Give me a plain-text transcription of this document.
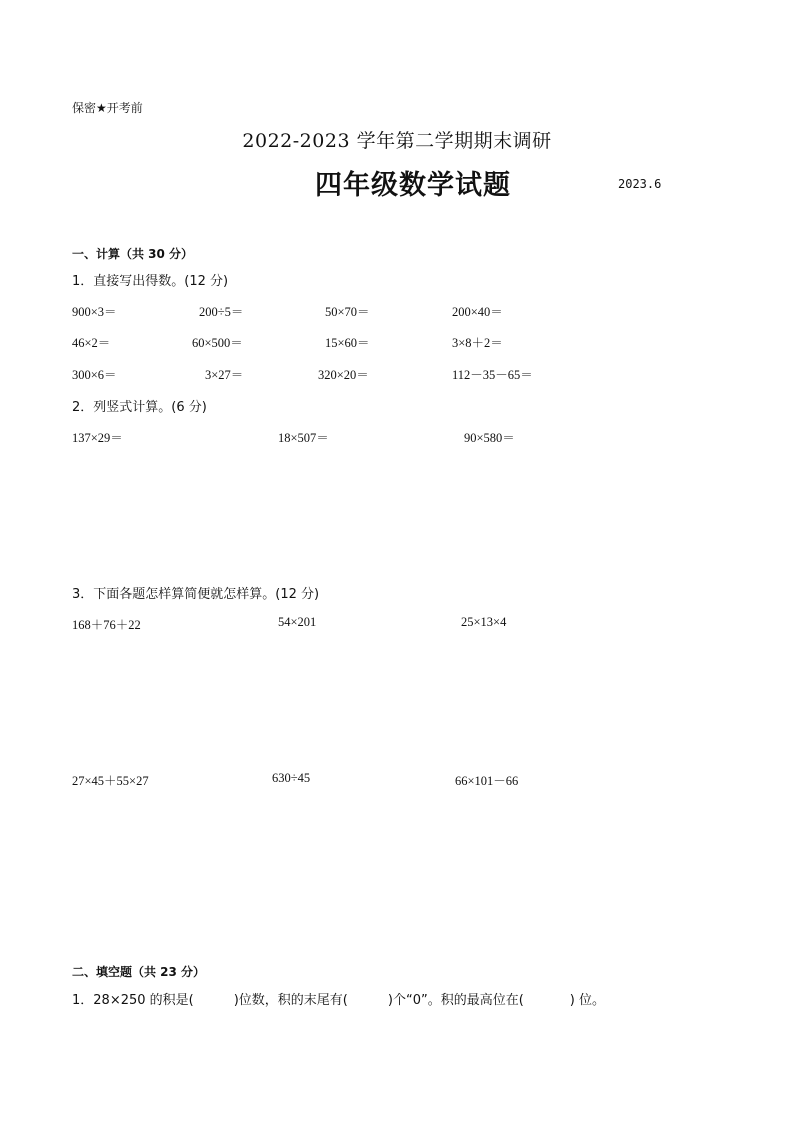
保密★开考前
2022-2023 学年第二学期期末调研
四年级数学试题	2023.6
一、计算（共 30 分）
1．直接写出得数。(12 分)
900×3＝	200÷5＝	50×70＝	200×40＝
46×2＝	60×500＝	15×60＝	3×8＋2＝
300×6＝	3×27＝	320×20＝	112－35－65＝
2．列竖式计算。(6 分)
137×29＝	18×507＝	90×580＝
3．下面各题怎样算简便就怎样算。(12 分)
168＋76＋22	54×201	25×13×4
27×45＋55×27	630÷45	66×101－66
二、填空题（共 23 分）
1．28×250 的积是(	)位数，积的末尾有(	)个“0”。积的最高位在(	) 位。
